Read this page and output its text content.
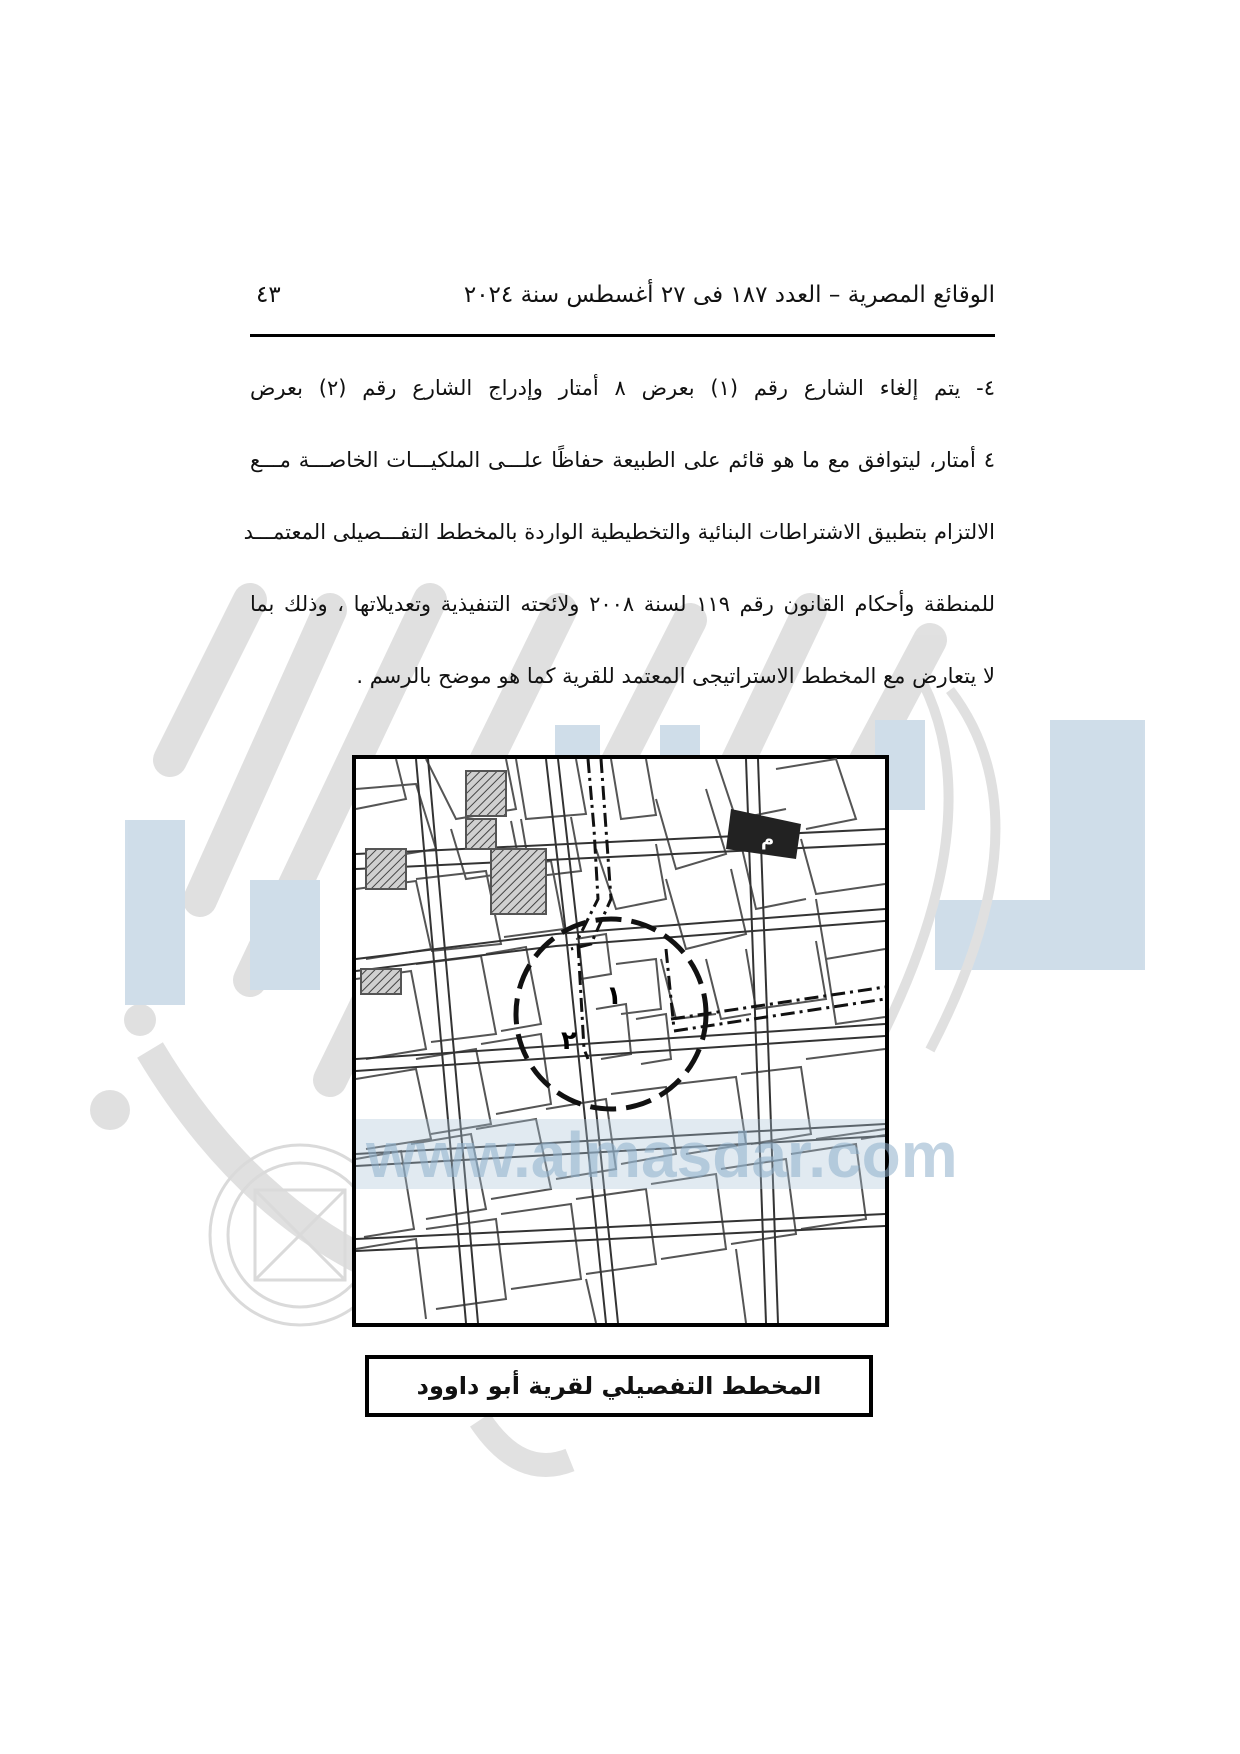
الوقائع المصرية – العدد ١٨٧ فى ٢٧ أغسطس سنة ٢٠٢٤
٤٣
٤- يتم إلغاء الشارع رقم (١) بعرض ٨ أمتار وإدراج الشارع رقم (٢) بعرض
٤ أمتار، ليتوافق مع ما هو قائم على الطبيعة حفاظًا علـــى الملكيـــات الخاصـــة مـــع
الالتزام بتطبيق الاشتراطات البنائية والتخطيطية الواردة بالمخطط التفـــصيلى المعتمـــد
للمنطقة وأحكام القانون رقم ١١٩ لسنة ٢٠٠٨ ولائحته التنفيذية وتعديلاتها ، وذلك بما
لا يتعارض مع المخطط الاستراتيجى المعتمد للقرية كما هو موضح بالرسم .
م
١
٢
www.almasdar.com
المخطط التفصيلي لقرية أبو داوود
